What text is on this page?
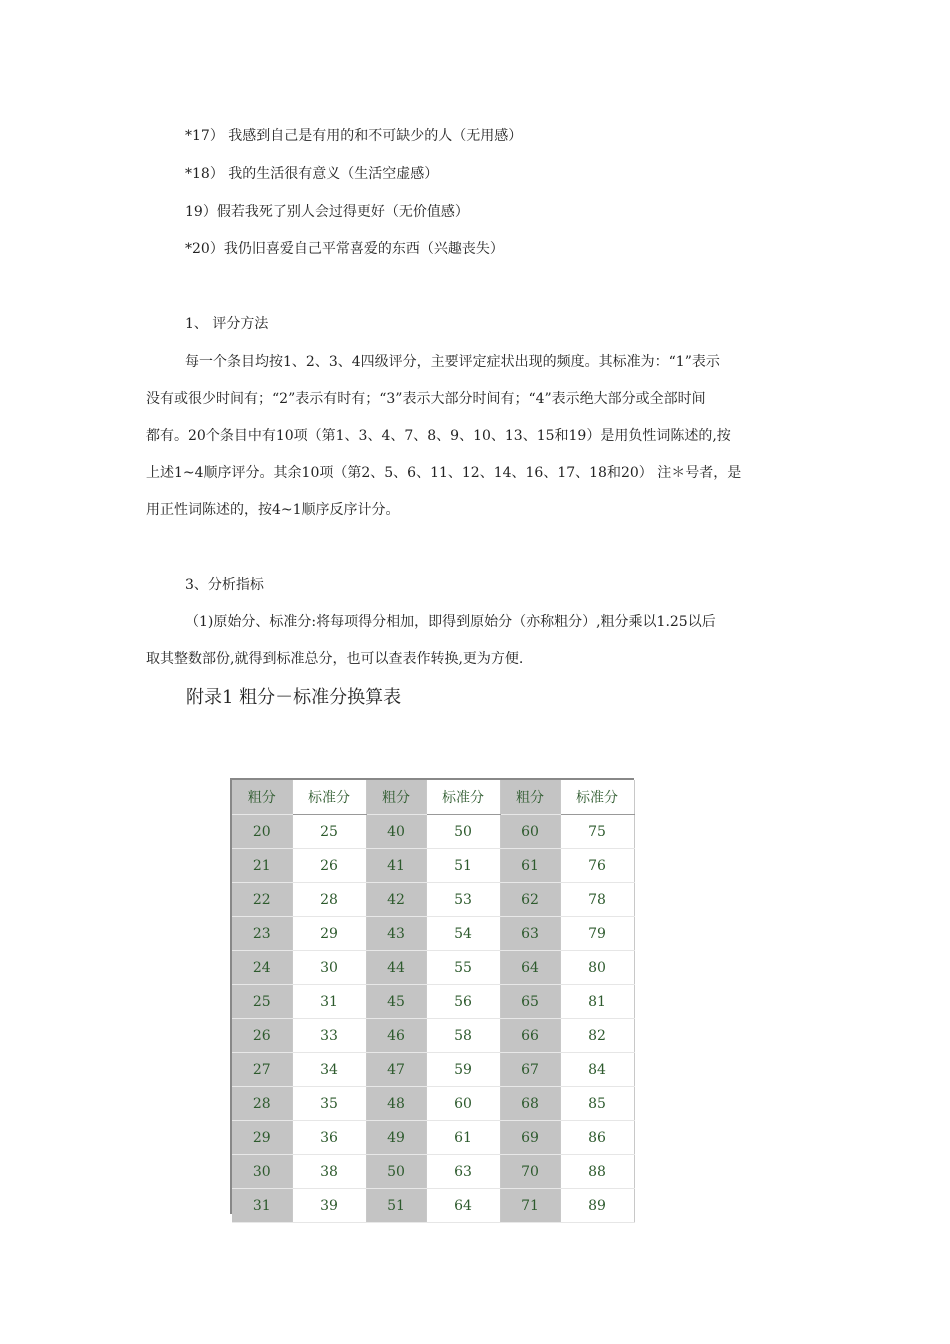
*17） 我感到自己是有用的和不可缺少的人（无用感）
*18） 我的生活很有意义（生活空虚感）
19）假若我死了别人会过得更好（无价值感）
*20）我仍旧喜爱自己平常喜爱的东西（兴趣丧失）
1、 评分方法
每一个条目均按1、2、3、4四级评分，主要评定症状出现的频度。其标准为：“1”表示
没有或很少时间有；“2”表示有时有；“3”表示大部分时间有；“4”表示绝大部分或全部时间
都有。20个条目中有10项（第1、3、4、7、8、9、10、13、15和19）是用负性词陈述的,按
上述1~4顺序评分。其余10项（第2、5、6、11、12、14、16、17、18和20） 注＊号者，是
用正性词陈述的，按4~1顺序反序计分。
3、分析指标
（1)原始分、标准分:将每项得分相加，即得到原始分（亦称粗分）,粗分乘以1.25以后
取其整数部份,就得到标准总分，也可以查表作转换,更为方便.
附录1 粗分－标准分换算表
粗分	标准分	粗分	标准分	粗分	标准分
20	25	40	50	60	75
21	26	41	51	61	76
22	28	42	53	62	78
23	29	43	54	63	79
24	30	44	55	64	80
25	31	45	56	65	81
26	33	46	58	66	82
27	34	47	59	67	84
28	35	48	60	68	85
29	36	49	61	69	86
30	38	50	63	70	88
31	39	51	64	71	89
